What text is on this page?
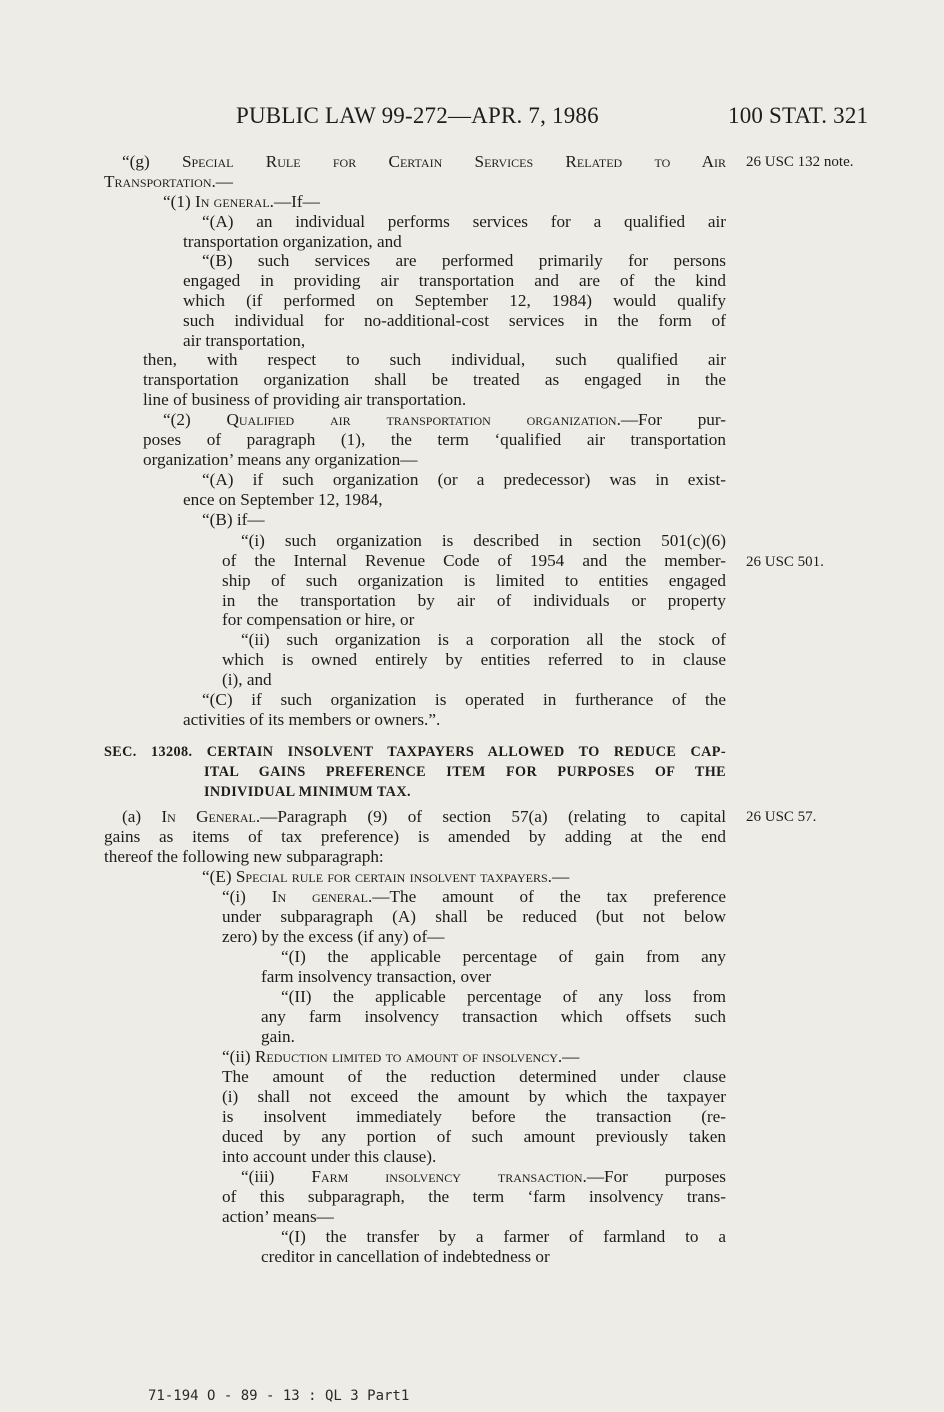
PUBLIC LAW 99-272—APR. 7, 1986	100 STAT. 321
26 USC 132 note.
26 USC 501.
26 USC 57.
“(g) Special Rule for Certain Services Related to Air
Transportation.—
“(1) In general.—If—
“(A) an individual performs services for a qualified air
transportation organization, and
“(B) such services are performed primarily for persons
engaged in providing air transportation and are of the kind
which (if performed on September 12, 1984) would qualify
such individual for no-additional-cost services in the form of
air transportation,
then, with respect to such individual, such qualified air
transportation organization shall be treated as engaged in the
line of business of providing air transportation.
“(2) Qualified air transportation organization.—For pur-
poses of paragraph (1), the term ‘qualified air transportation
organization’ means any organization—
“(A) if such organization (or a predecessor) was in exist-
ence on September 12, 1984,
“(B) if—
“(i) such organization is described in section 501(c)(6)
of the Internal Revenue Code of 1954 and the member-
ship of such organization is limited to entities engaged
in the transportation by air of individuals or property
for compensation or hire, or
“(ii) such organization is a corporation all the stock of
which is owned entirely by entities referred to in clause
(i), and
“(C) if such organization is operated in furtherance of the
activities of its members or owners.”.
SEC. 13208. CERTAIN INSOLVENT TAXPAYERS ALLOWED TO REDUCE CAP-
ITAL GAINS PREFERENCE ITEM FOR PURPOSES OF THE
INDIVIDUAL MINIMUM TAX.
(a) In General.—Paragraph (9) of section 57(a) (relating to capital
gains as items of tax preference) is amended by adding at the end
thereof the following new subparagraph:
“(E) Special rule for certain insolvent taxpayers.—
“(i) In general.—The amount of the tax preference
under subparagraph (A) shall be reduced (but not below
zero) by the excess (if any) of—
“(I) the applicable percentage of gain from any
farm insolvency transaction, over
“(II) the applicable percentage of any loss from
any farm insolvency transaction which offsets such
gain.
“(ii) Reduction limited to amount of insolvency.—
The amount of the reduction determined under clause
(i) shall not exceed the amount by which the taxpayer
is insolvent immediately before the transaction (re-
duced by any portion of such amount previously taken
into account under this clause).
“(iii) Farm insolvency transaction.—For purposes
of this subparagraph, the term ‘farm insolvency trans-
action’ means—
“(I) the transfer by a farmer of farmland to a
creditor in cancellation of indebtedness or
71-194 O - 89 - 13 : QL 3 Part1
